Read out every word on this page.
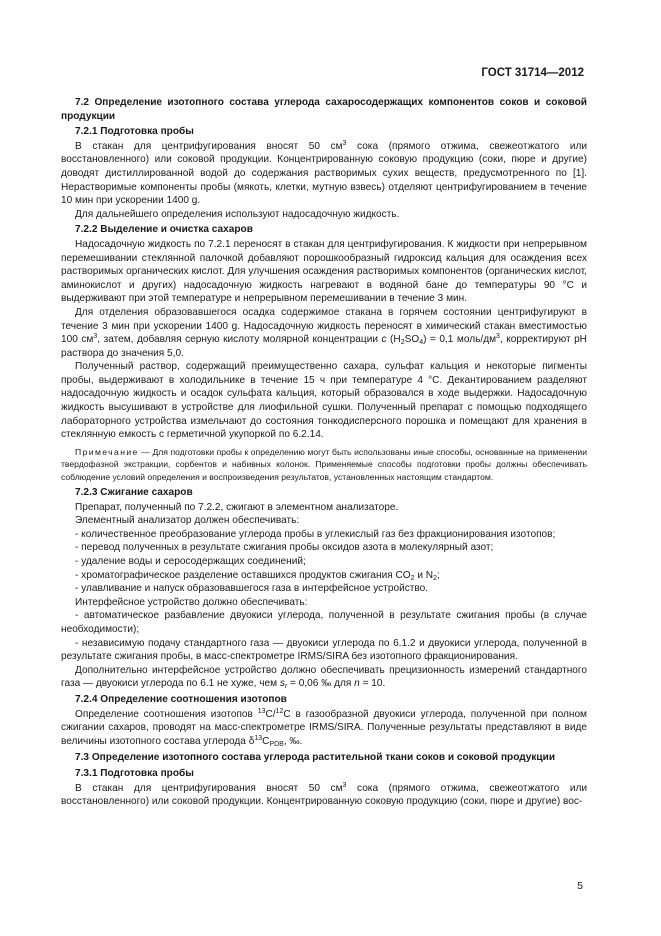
ГОСТ 31714—2012

7.2 Определение изотопного состава углерода сахаросодержащих компонентов соков и соковой продукции

7.2.1 Подготовка пробы

В стакан для центрифугирования вносят 50 $см^3$ сока (прямого отжима, свежеотжатого или восстановленного) или соковой продукции. Концентрированную соковую продукцию (соки, пюре и другие) доводят дистиллированной водой до содержания растворимых сухих веществ, предусмотренного по [1]. Нерастворимые компоненты пробы (мякоть, клетки, мутную взвесь) отделяют центрифугированием в течение 10 мин при ускорении 1400 g.

Для дальнейшего определения используют надосадочную жидкость.

7.2.2 Выделение и очистка сахаров

Надосадочную жидкость по 7.2.1 переносят в стакан для центрифугирования. К жидкости при непрерывном перемешивании стеклянной палочкой добавляют порошкообразный гидроксид кальция для осаждения всех растворимых органических кислот. Для улучшения осаждения растворимых компонентов (органических кислот, аминокислот и других) надосадочную жидкость нагревают в водяной бане до температуры 90 °С и выдерживают при этой температуре и непрерывном перемешивании в течение 3 мин.

Для отделения образовавшегося осадка содержимое стакана в горячем состоянии центрифугируют в течение 3 мин при ускорении 1400 g. Надосадочную жидкость переносят в химический стакан вместимостью 100 $см^3$, затем, добавляя серную кислоту молярной концентрации c $(H_2SO_4) = 0,1$ моль/$дм^3$, корректируют рН раствора до значения 5,0.

Полученный раствор, содержащий преимущественно сахара, сульфат кальция и некоторые пигменты пробы, выдерживают в холодильнике в течение 15 ч при температуре 4 °С. Декантированием разделяют надосадочную жидкость и осадок сульфата кальция, который образовался в ходе выдержки. Надосадочную жидкость высушивают в устройстве для лиофильной сушки. Полученный препарат с помощью подходящего лабораторного устройства измельчают до состояния тонкодисперсного порошка и помещают для хранения в стеклянную емкость с герметичной укупоркой по 6.2.14.

Примечание — Для подготовки пробы к определению могут быть использованы иные способы, основанные на применении твердофазной экстракции, сорбентов и набивных колонок. Применяемые способы подготовки пробы должны обеспечивать соблюдение условий определения и воспроизведения результатов, установленных настоящим стандартом.

7.2.3 Сжигание сахаров

Препарат, полученный по 7.2.2, сжигают в элементном анализаторе.

Элементный анализатор должен обеспечивать:

- количественное преобразование углерода пробы в углекислый газ без фракционирования изотопов;

- перевод полученных в результате сжигания пробы оксидов азота в молекулярный азот;

- удаление воды и серосодержащих соединений;

- хроматографическое разделение оставшихся продуктов сжигания $CO_2$ и $N_2$;

- улавливание и напуск образовавшегося газа в интерфейсное устройство.

Интерфейсное устройство должно обеспечивать:

- автоматическое разбавление двуокиси углерода, полученной в результате сжигания пробы (в случае необходимости);

- независимую подачу стандартного газа — двуокиси углерода по 6.1.2 и двуокиси углерода, полученной в результате сжигания пробы, в масс-спектрометре IRMS/SIRA без изотопного фракционирования.

Дополнительно интерфейсное устройство должно обеспечивать прецизионность измерений стандартного газа — двуокиси углерода по 6.1 не хуже, чем $s_r = 0,06$ ‰ для n = 10.

7.2.4 Определение соотношения изотопов

Определение соотношения изотопов $^{13}$C/$^{12}$C в газообразной двуокиси углерода, полученной при полном сжигании сахаров, проводят на масс-спектрометре IRMS/SIRA. Полученные результаты представляют в виде величины изотопного состава углерода $\delta^{13}C_{PDB}$, ‰.

7.3 Определение изотопного состава углерода растительной ткани соков и соковой продукции

7.3.1 Подготовка пробы

В стакан для центрифугирования вносят 50 $см^3$ сока (прямого отжима, свежеотжатого или восстановленного) или соковой продукции. Концентрированную соковую продукцию (соки, пюре и другие) вос-

5
